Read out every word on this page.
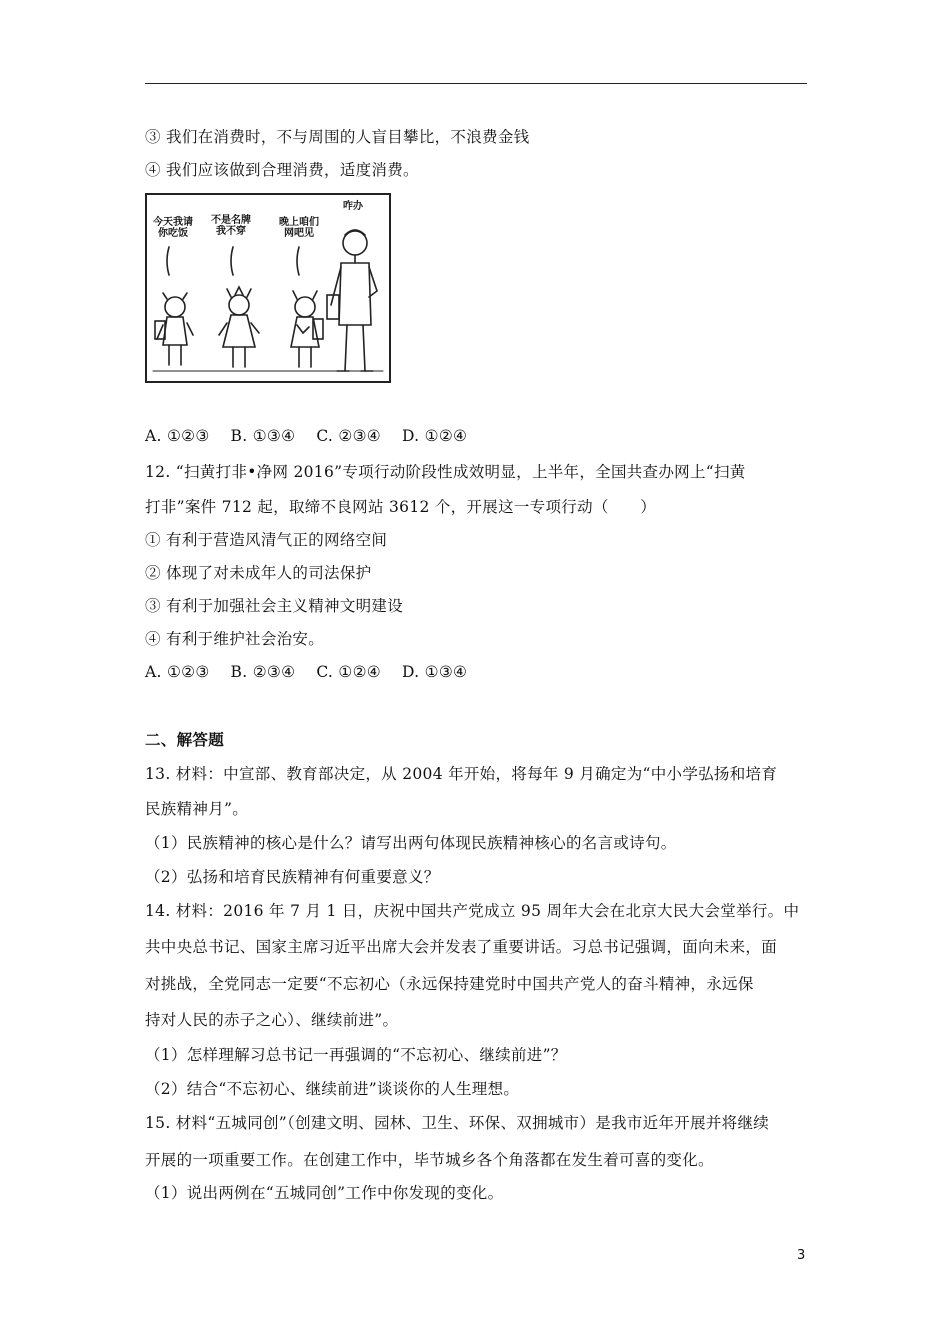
③ 我们在消费时，不与周围的人盲目攀比，不浪费金钱
④ 我们应该做到合理消费，适度消费。
今天我请
你吃饭
不是名牌
我不穿
晚上咱们
网吧见
咋办
A. ①②③　 B. ①③④　 C. ②③④　 D. ①②④
12. “扫黄打非•净网 2016”专项行动阶段性成效明显，上半年，全国共查办网上“扫黄
打非”案件 712 起，取缔不良网站 3612 个，开展这一专项行动（　　）
① 有利于营造风清气正的网络空间
② 体现了对未成年人的司法保护
③ 有利于加强社会主义精神文明建设
④ 有利于维护社会治安。
A. ①②③　 B. ②③④　 C. ①②④　 D. ①③④
二、解答题
13. 材料：中宣部、教育部决定，从 2004 年开始，将每年 9 月确定为“中小学弘扬和培育
民族精神月”。
（1）民族精神的核心是什么？请写出两句体现民族精神核心的名言或诗句。
（2）弘扬和培育民族精神有何重要意义？
14. 材料：2016 年 7 月 1 日，庆祝中国共产党成立 95 周年大会在北京大民大会堂举行。中
共中央总书记、国家主席习近平出席大会并发表了重要讲话。习总书记强调，面向未来，面
对挑战，全党同志一定要“不忘初心（永远保持建党时中国共产党人的奋斗精神，永远保
持对人民的赤子之心）、继续前进”。
（1）怎样理解习总书记一再强调的“不忘初心、继续前进”？
（2）结合“不忘初心、继续前进”谈谈你的人生理想。
15. 材料“五城同创”（创建文明、园林、卫生、环保、双拥城市）是我市近年开展并将继续
开展的一项重要工作。在创建工作中，毕节城乡各个角落都在发生着可喜的变化。
（1）说出两例在“五城同创”工作中你发现的变化。
3
